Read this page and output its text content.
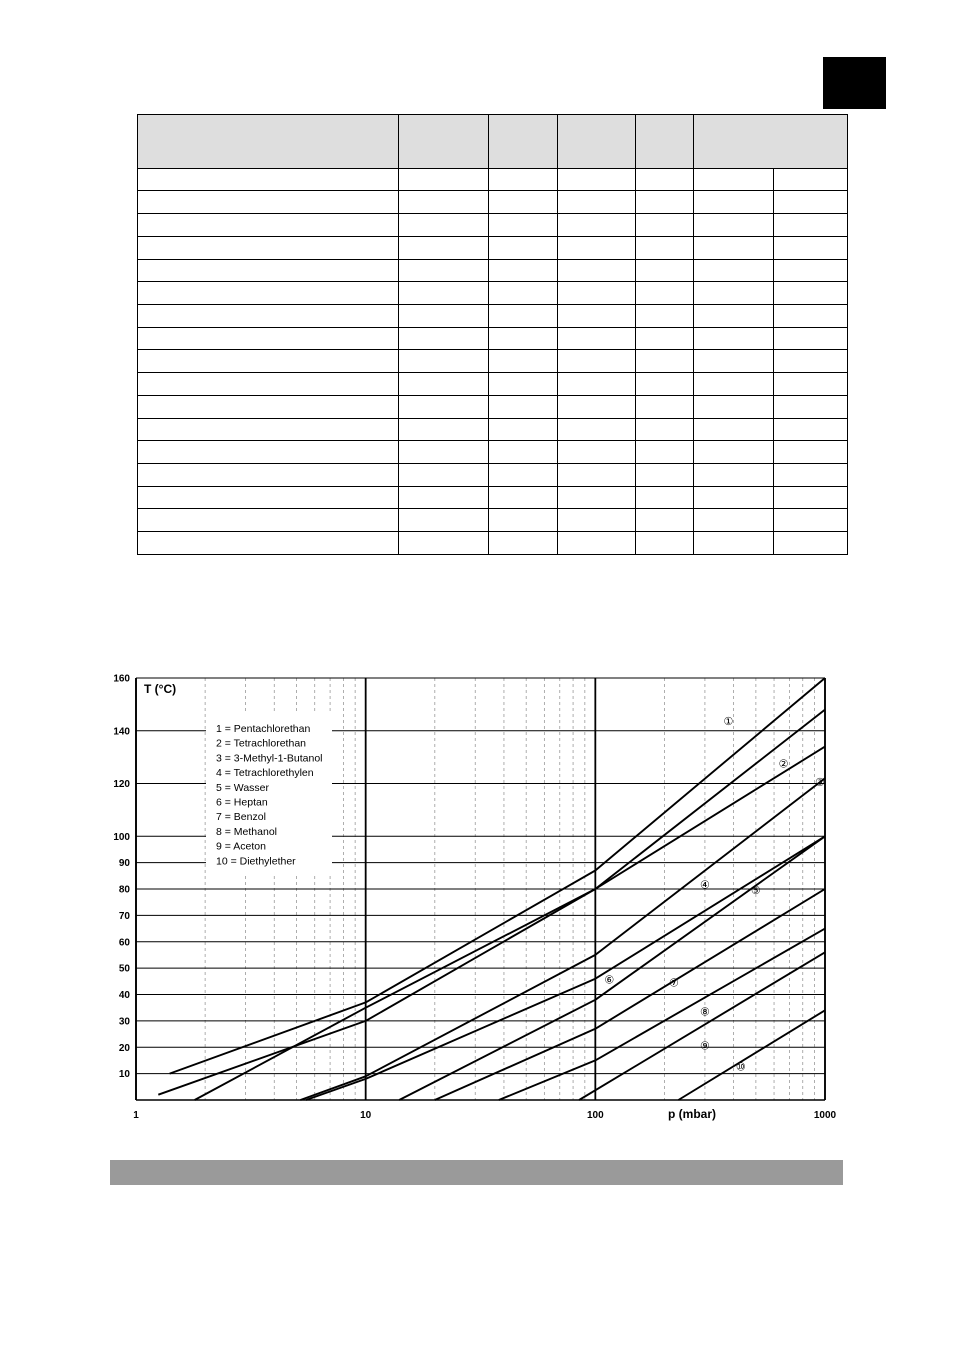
10
20
30
40
50
60
70
80
90
100
120
140
160
1	10	100	1000
T (°C)
p (mbar)
1 = Pentachlorethan
2 = Tetrachlorethan
3 = 3-Methyl-1-Butanol
4 = Tetrachlorethylen
5 = Wasser
6 = Heptan
7 = Benzol
8 = Methanol
9 = Aceton
10 = Diethylether
①
②
③
④	⑤
⑥	⑦
⑧
⑨
⑩
